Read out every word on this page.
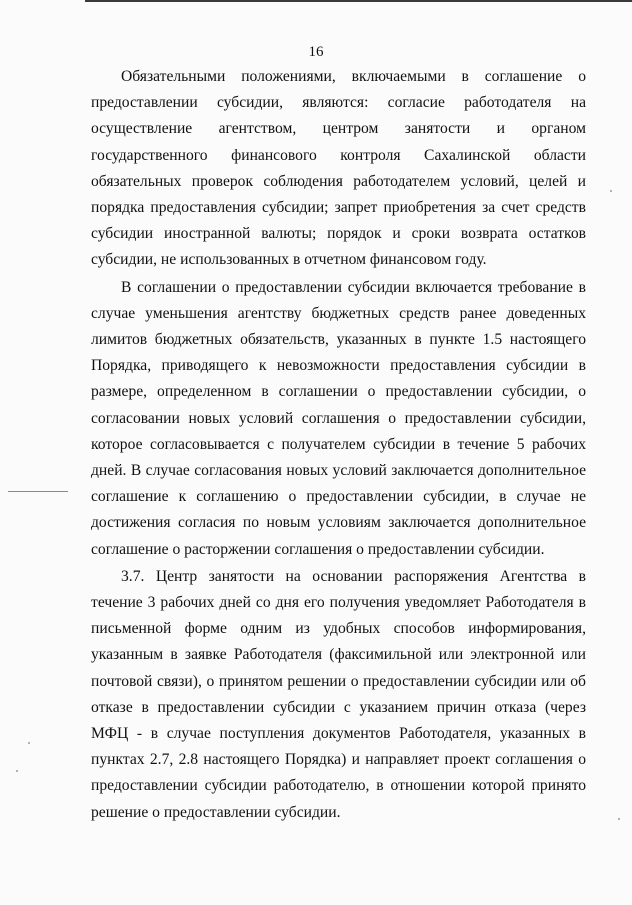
16

Обязательными положениями, включаемыми в соглашение о предоставлении субсидии, являются: согласие работодателя на осуществление агентством, центром занятости и органом государственного финансового контроля Сахалинской области обязательных проверок соблюдения работодателем условий, целей и порядка предоставления субсидии; запрет приобретения за счет средств субсидии иностранной валюты; порядок и сроки возврата остатков субсидии, не использованных в отчетном финансовом году.

В соглашении о предоставлении субсидии включается требование в случае уменьшения агентству бюджетных средств ранее доведенных лимитов бюджетных обязательств, указанных в пункте 1.5 настоящего Порядка, приводящего к невозможности предоставления субсидии в размере, определенном в соглашении о предоставлении субсидии, о согласовании новых условий соглашения о предоставлении субсидии, которое согласовывается с получателем субсидии в течение 5 рабочих дней. В случае согласования новых условий заключается дополнительное соглашение к соглашению о предоставлении субсидии, в случае не достижения согласия по новым условиям заключается дополнительное соглашение о расторжении соглашения о предоставлении субсидии.

3.7. Центр занятости на основании распоряжения Агентства в течение 3 рабочих дней со дня его получения уведомляет Работодателя в письменной форме одним из удобных способов информирования, указанным в заявке Работодателя (факсимильной или электронной или почтовой связи), о принятом решении о предоставлении субсидии или об отказе в предоставлении субсидии с указанием причин отказа (через МФЦ - в случае поступления документов Работодателя, указанных в пунктах 2.7, 2.8 настоящего Порядка) и направляет проект соглашения о предоставлении субсидии работодателю, в отношении которой принято решение о предоставлении субсидии.
